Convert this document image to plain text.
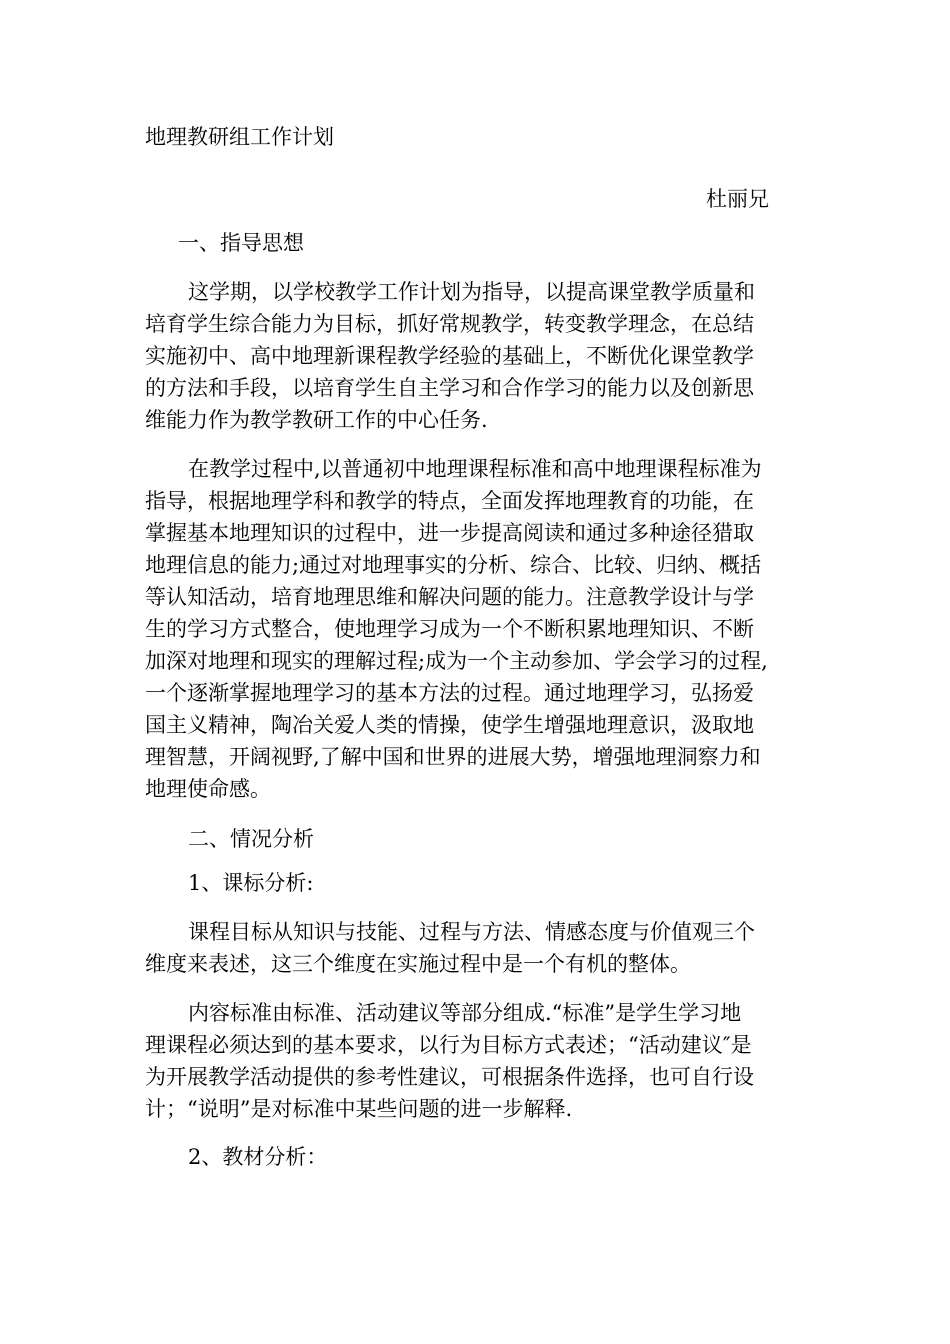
地理教研组工作计划
杜丽兄
一、指导思想
这学期，以学校教学工作计划为指导，以提高课堂教学质量和
培育学生综合能力为目标，抓好常规教学，转变教学理念，在总结
实施初中、高中地理新课程教学经验的基础上，不断优化课堂教学
的方法和手段，以培育学生自主学习和合作学习的能力以及创新思
维能力作为教学教研工作的中心任务.
在教学过程中,以普通初中地理课程标准和高中地理课程标准为
指导，根据地理学科和教学的特点，全面发挥地理教育的功能，在
掌握基本地理知识的过程中，进一步提高阅读和通过多种途径猎取
地理信息的能力;通过对地理事实的分析、综合、比较、归纳、概括
等认知活动，培育地理思维和解决问题的能力。注意教学设计与学
生的学习方式整合，使地理学习成为一个不断积累地理知识、不断
加深对地理和现实的理解过程;成为一个主动参加、学会学习的过程,
一个逐渐掌握地理学习的基本方法的过程。通过地理学习，弘扬爱
国主义精神，陶冶关爱人类的情操，使学生增强地理意识，汲取地
理智慧，开阔视野,了解中国和世界的进展大势，增强地理洞察力和
地理使命感。
二、情况分析
1、课标分析:
课程目标从知识与技能、过程与方法、情感态度与价值观三个
维度来表述，这三个维度在实施过程中是一个有机的整体。
内容标准由标准、活动建议等部分组成.“标准”是学生学习地
理课程必须达到的基本要求，以行为目标方式表述；“活动建议″是
为开展教学活动提供的参考性建议，可根据条件选择，也可自行设
计；“说明”是对标准中某些问题的进一步解释.
2、教材分析：
